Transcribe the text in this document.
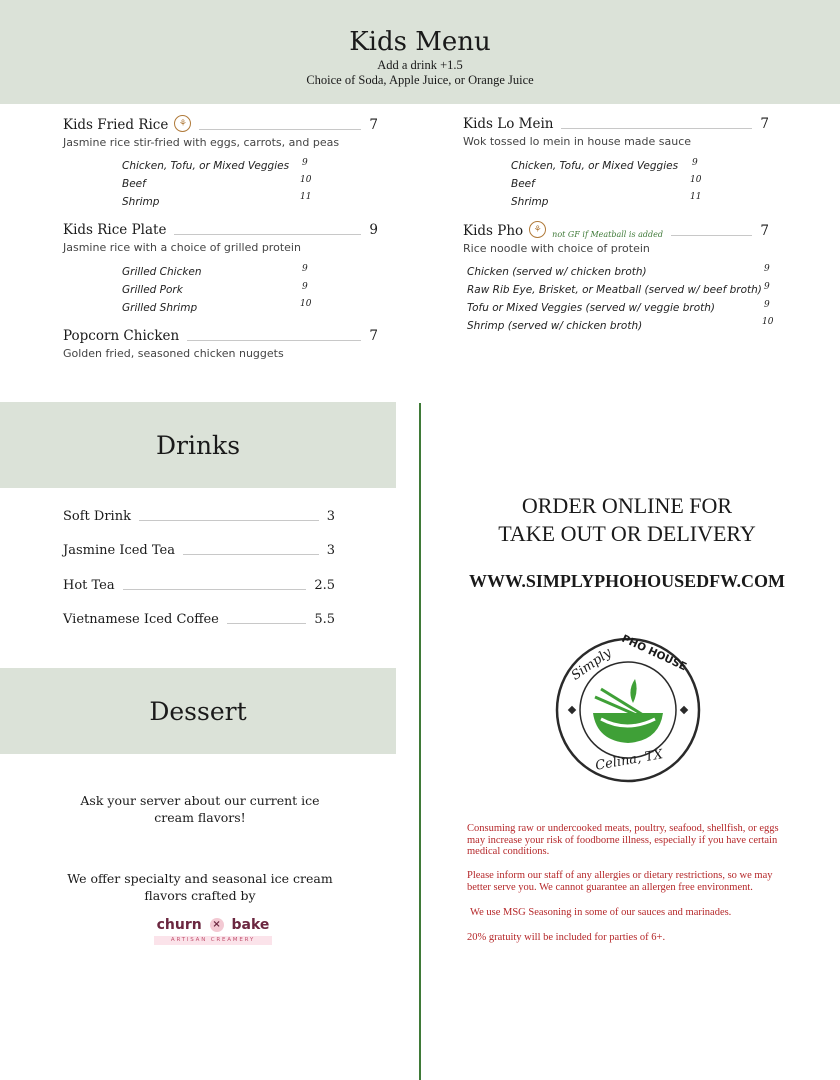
Kids Menu
Add a drink +1.5
Choice of Soda, Apple Juice, or Orange Juice
Kids Fried Rice	⚘	7
Jasmine rice stir-fried with eggs, carrots, and peas
Chicken, Tofu, or Mixed Veggies 9
Beef	10
Shrimp	11
Kids Rice Plate	9
Jasmine rice with a choice of grilled protein
Grilled Chicken	9
Grilled Pork	9
Grilled Shrimp	10
Popcorn Chicken	7
Golden fried, seasoned chicken nuggets
Kids Lo Mein	7
Wok tossed lo mein in house made sauce
Chicken, Tofu, or Mixed Veggies 9
Beef	10
Shrimp	11
Kids Pho	⚘	not GF if Meatball is added	7
Rice noodle with choice of protein
Chicken (served w/ chicken broth)	9
Raw Rib Eye, Brisket, or Meatball (served w/ beef broth) 9
Tofu or Mixed Veggies (served w/ veggie broth)	9
Shrimp (served w/ chicken broth)	10
Drinks
Soft Drink	3
Jasmine Iced Tea	3
Hot Tea	2.5
Vietnamese Iced Coffee	5.5
Dessert
Ask your server about our current ice cream flavors!
We offer specialty and seasonal ice cream flavors crafted by
churn × bake
ARTISAN CREAMERY
ORDER ONLINE FOR
TAKE OUT OR DELIVERY
WWW.SIMPLYPHOHOUSEDFW.COM
Simply PHO HOUSE
Celina, TX
Consuming raw or undercooked meats, poultry, seafood, shellfish, or eggs may increase your risk of foodborne illness, especially if you have certain medical conditions.
Please inform our staff of any allergies or dietary restrictions, so we may better serve you. We cannot guarantee an allergen free environment.
We use MSG Seasoning in some of our sauces and marinades.
20% gratuity will be included for parties of 6+.
